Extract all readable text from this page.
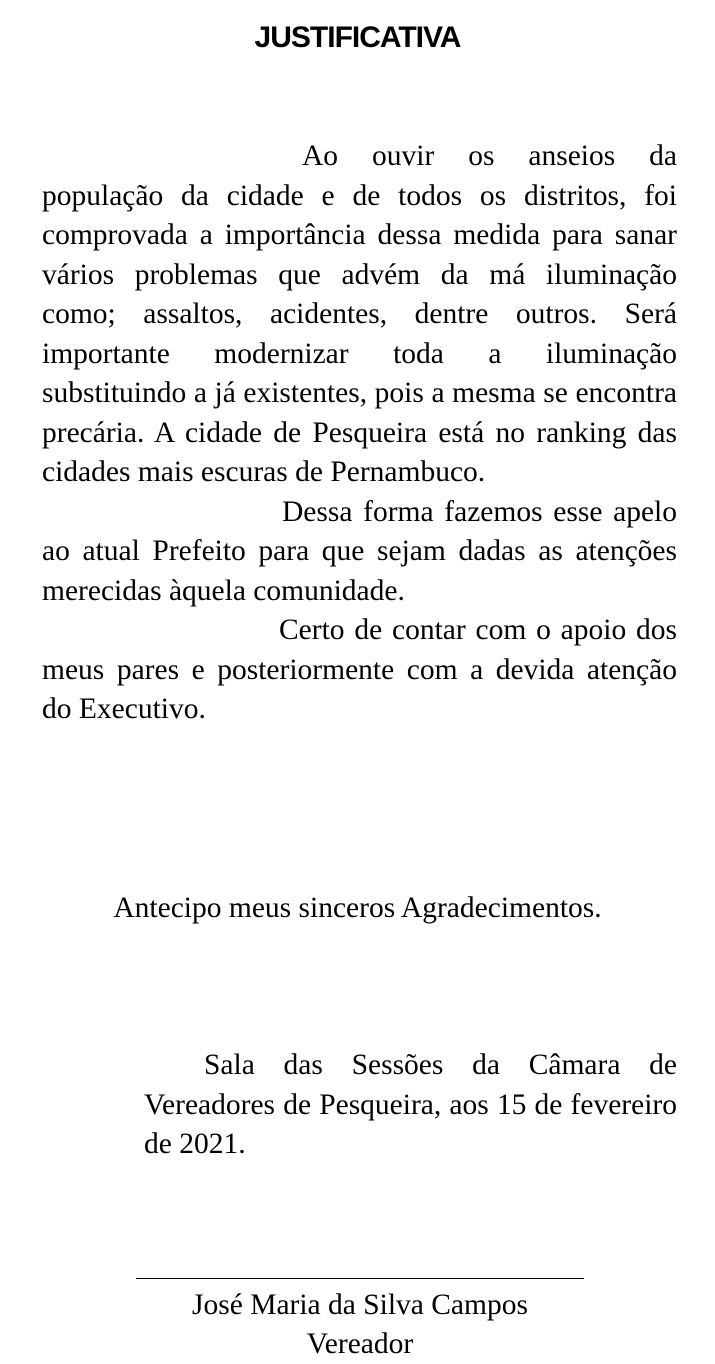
JUSTIFICATIVA

Ao ouvir os anseios da população da cidade e de todos os distritos, foi comprovada a importância dessa medida para sanar vários problemas que advém da má iluminação como; assaltos, acidentes, dentre outros. Será importante modernizar toda a iluminação substituindo a já existentes, pois a mesma se encontra precária. A cidade de Pesqueira está no ranking das cidades mais escuras de Pernambuco.

Dessa forma fazemos esse apelo ao atual Prefeito para que sejam dadas as atenções merecidas àquela comunidade.

Certo de contar com o apoio dos meus pares e posteriormente com a devida atenção do Executivo.

Antecipo meus sinceros Agradecimentos.

Sala das Sessões da Câmara de Vereadores de Pesqueira, aos 15 de fevereiro de 2021.

José Maria da Silva Campos

Vereador
